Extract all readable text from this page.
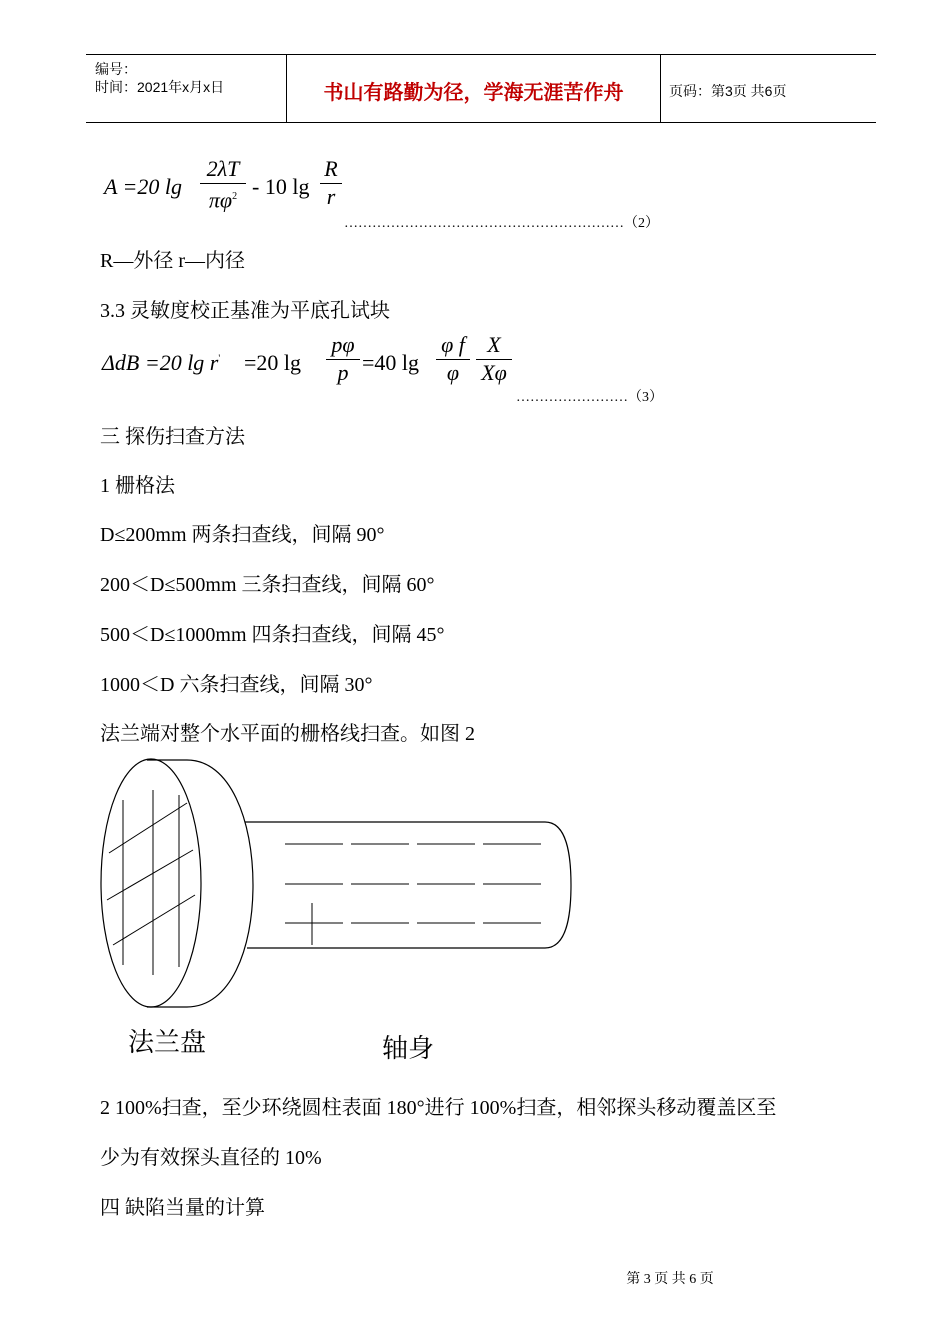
编号：
时间：2021年x月x日	书山有路勤为径，学海无涯苦作舟	页码：第3页 共6页
A =20 lg
2λT
$\pi\varphi^2 - 10$ lg
R
r
……………………………………………………（2）
R—外径 r—内径
3.3 灵敏度校正基准为平底孔试块
ΔdB =20 lg r' =20 lg
pφ
p =40 lg
φ f
φ
X
Xφ
……………………（3）
三 探伤扫查方法
1 栅格法
D≤200mm 两条扫查线，间隔 90°
200＜D≤500mm 三条扫查线，间隔 60°
500＜D≤1000mm 四条扫查线，间隔 45°
1000＜D 六条扫查线，间隔 30°
法兰端对整个水平面的栅格线扫查。如图 2
法兰盘	轴身
2 100%扫查，至少环绕圆柱表面 180°进行 100%扫查，相邻探头移动覆盖区至
少为有效探头直径的 10%
四 缺陷当量的计算
第 3 页 共 6 页
